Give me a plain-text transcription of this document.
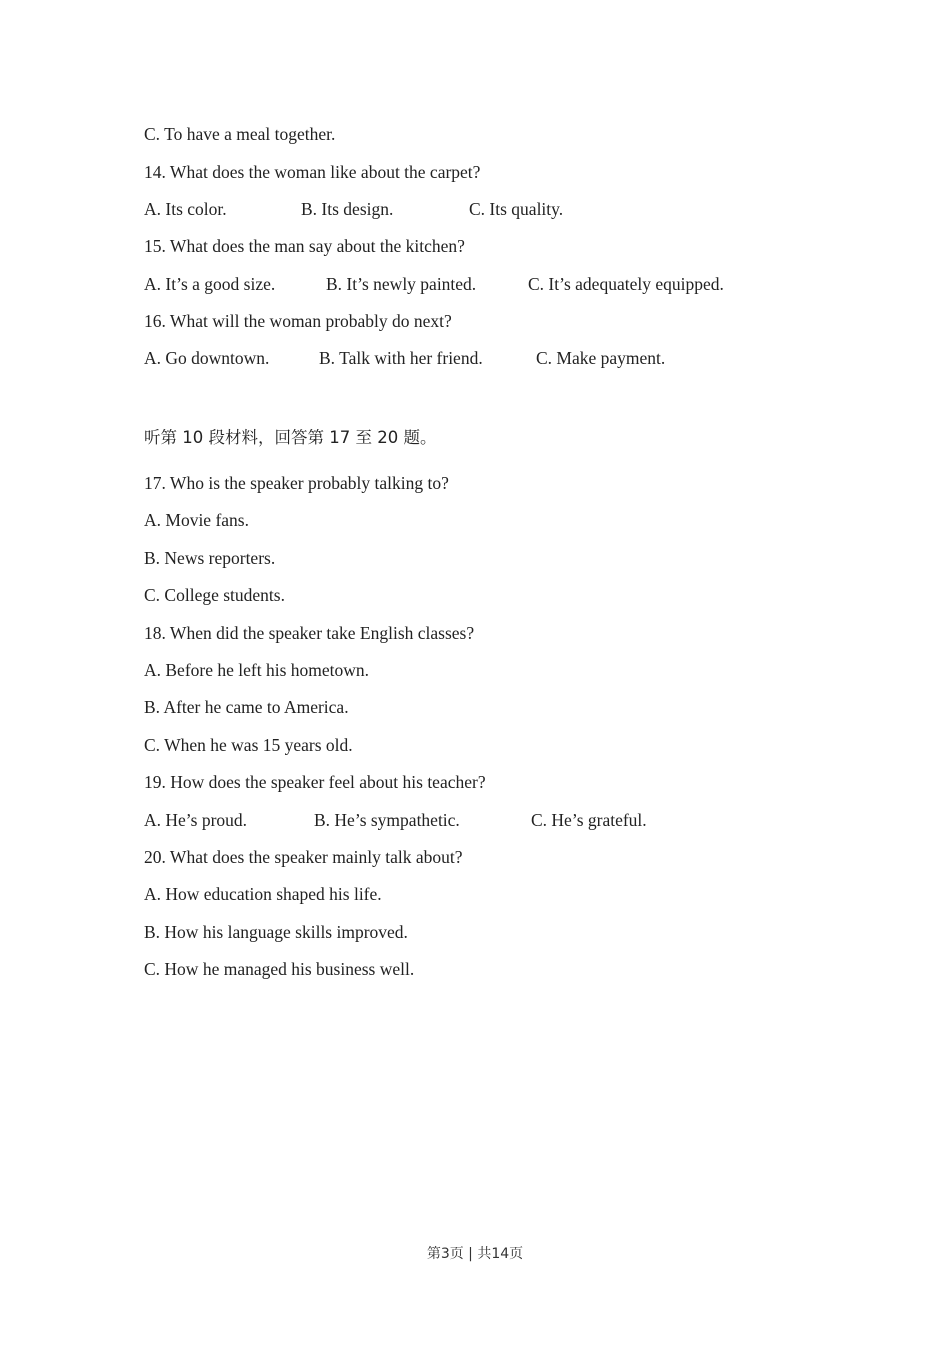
C. To have a meal together.
14. What does the woman like about the carpet?
A. Its color.	B. Its design.	C. Its quality.
15. What does the man say about the kitchen?
A. It’s a good size.	B. It’s newly painted.	C. It’s adequately equipped.
16. What will the woman probably do next?
A. Go downtown.	B. Talk with her friend.	C. Make payment.
听第 10 段材料，回答第 17 至 20 题。
17. Who is the speaker probably talking to?
A. Movie fans.
B. News reporters.
C. College students.
18. When did the speaker take English classes?
A. Before he left his hometown.
B. After he came to America.
C. When he was 15 years old.
19. How does the speaker feel about his teacher?
A. He’s proud.	B. He’s sympathetic.	C. He’s grateful.
20. What does the speaker mainly talk about?
A. How education shaped his life.
B. How his language skills improved.
C. How he managed his business well.
第3页 | 共14页
